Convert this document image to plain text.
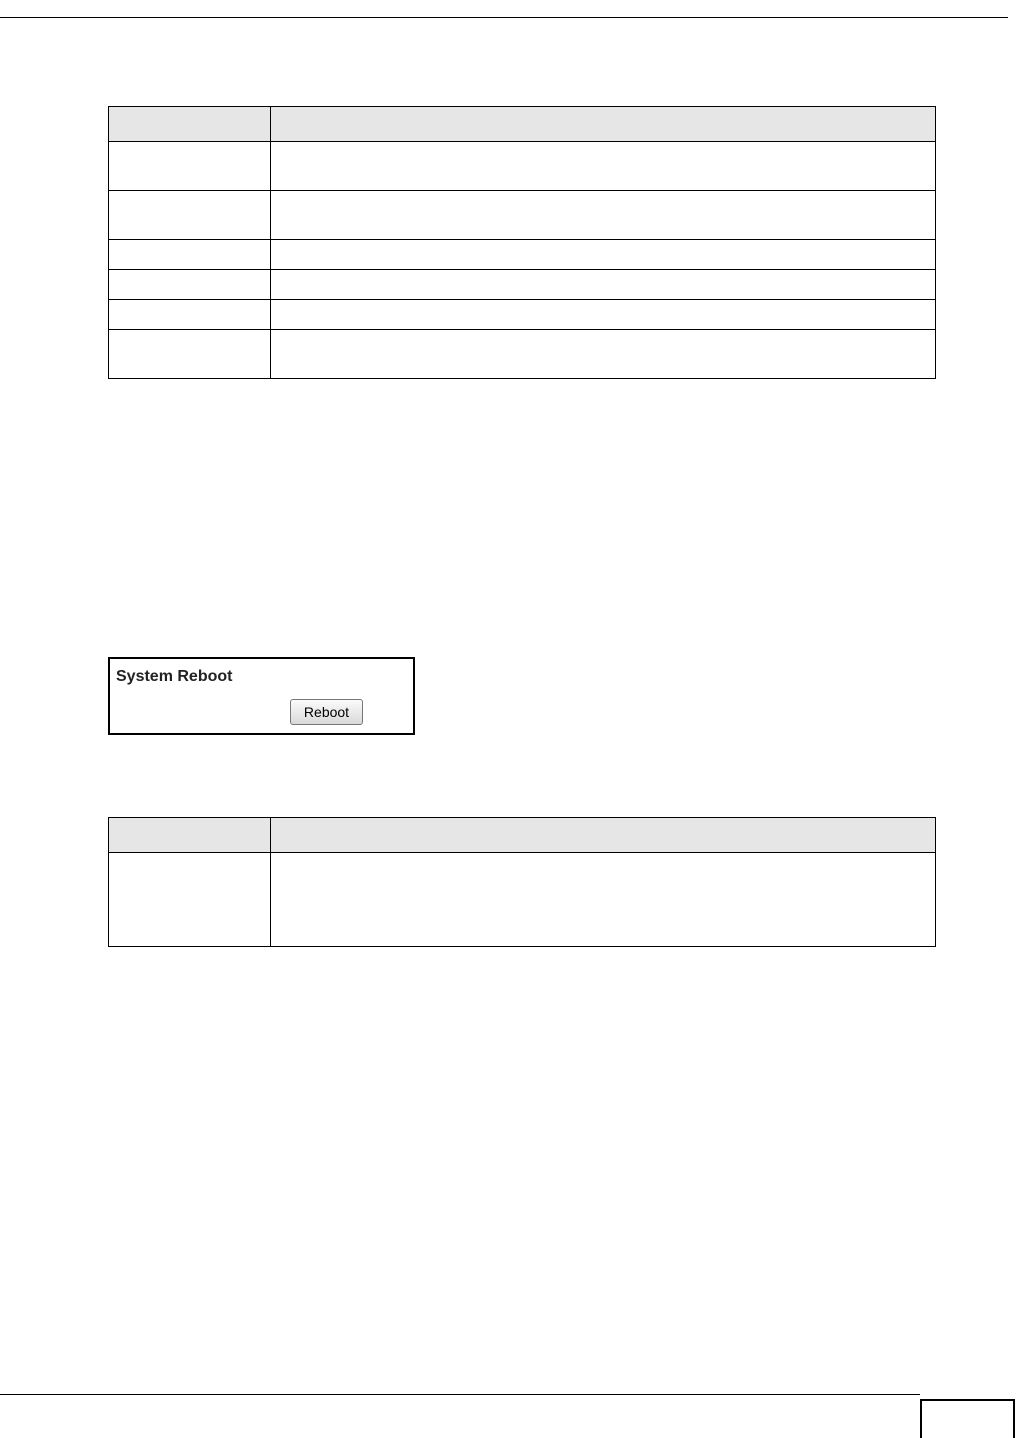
System Reboot
Reboot
